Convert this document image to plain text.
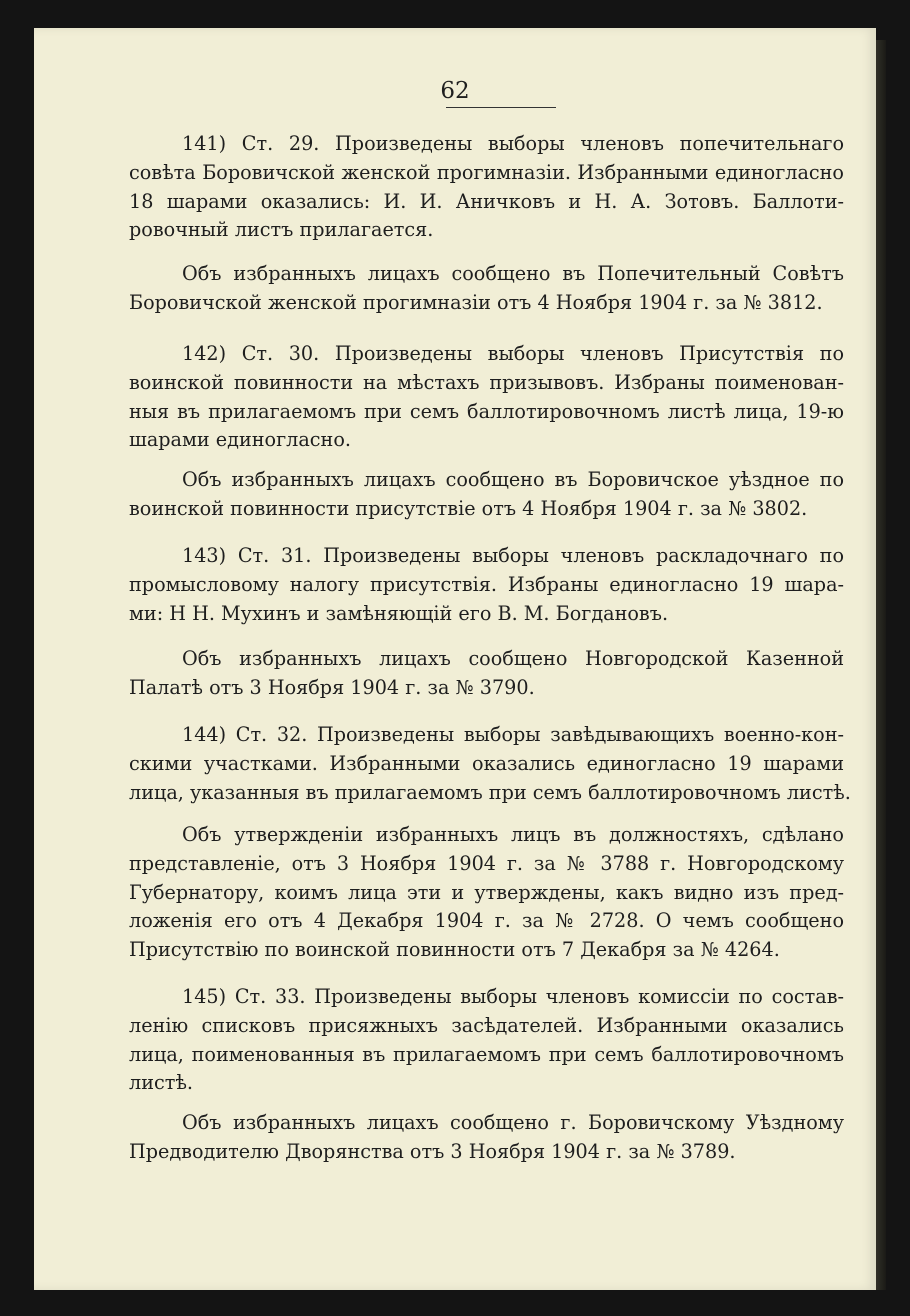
62
141) Ст. 29. Произведены выборы членовъ попечительнаго
совѣта Боровичской женской прогимназіи. Избранными единогласно
18 шарами оказались: И. И. Аничковъ и Н. А. Зотовъ. Баллоти-
ровочный листъ прилагается.
Объ избранныхъ лицахъ сообщено въ Попечительный Совѣтъ
Боровичской женской прогимназіи отъ 4 Ноября 1904 г. за № 3812.
142) Ст. 30. Произведены выборы членовъ Присутствія по
воинской повинности на мѣстахъ призывовъ. Избраны поименован-
ныя въ прилагаемомъ при семъ баллотировочномъ листѣ лица, 19-ю
шарами единогласно.
Объ избранныхъ лицахъ сообщено въ Боровичское уѣздное по
воинской повинности присутствіе отъ 4 Ноября 1904 г. за № 3802.
143) Ст. 31. Произведены выборы членовъ раскладочнаго по
промысловому налогу присутствія. Избраны единогласно 19 шара-
ми: Н Н. Мухинъ и замѣняющій его В. М. Богдановъ.
Объ избранныхъ лицахъ сообщено Новгородской Казенной
Палатѣ отъ 3 Ноября 1904 г. за № 3790.
144) Ст. 32. Произведены выборы завѣдывающихъ военно-кон-
скими участками. Избранными оказались единогласно 19 шарами
лица, указанныя въ прилагаемомъ при семъ баллотировочномъ листѣ.
Объ утвержденіи избранныхъ лицъ въ должностяхъ, сдѣлано
представленіе, отъ 3 Ноября 1904 г. за № 3788 г. Новгородскому
Губернатору, коимъ лица эти и утверждены, какъ видно изъ пред-
ложенія его отъ 4 Декабря 1904 г. за № 2728. О чемъ сообщено
Присутствію по воинской повинности отъ 7 Декабря за № 4264.
145) Ст. 33. Произведены выборы членовъ комиссіи по состав-
ленію списковъ присяжныхъ засѣдателей. Избранными оказались
лица, поименованныя въ прилагаемомъ при семъ баллотировочномъ
листѣ.
Объ избранныхъ лицахъ сообщено г. Боровичскому Уѣздному
Предводителю Дворянства отъ 3 Ноября 1904 г. за № 3789.
